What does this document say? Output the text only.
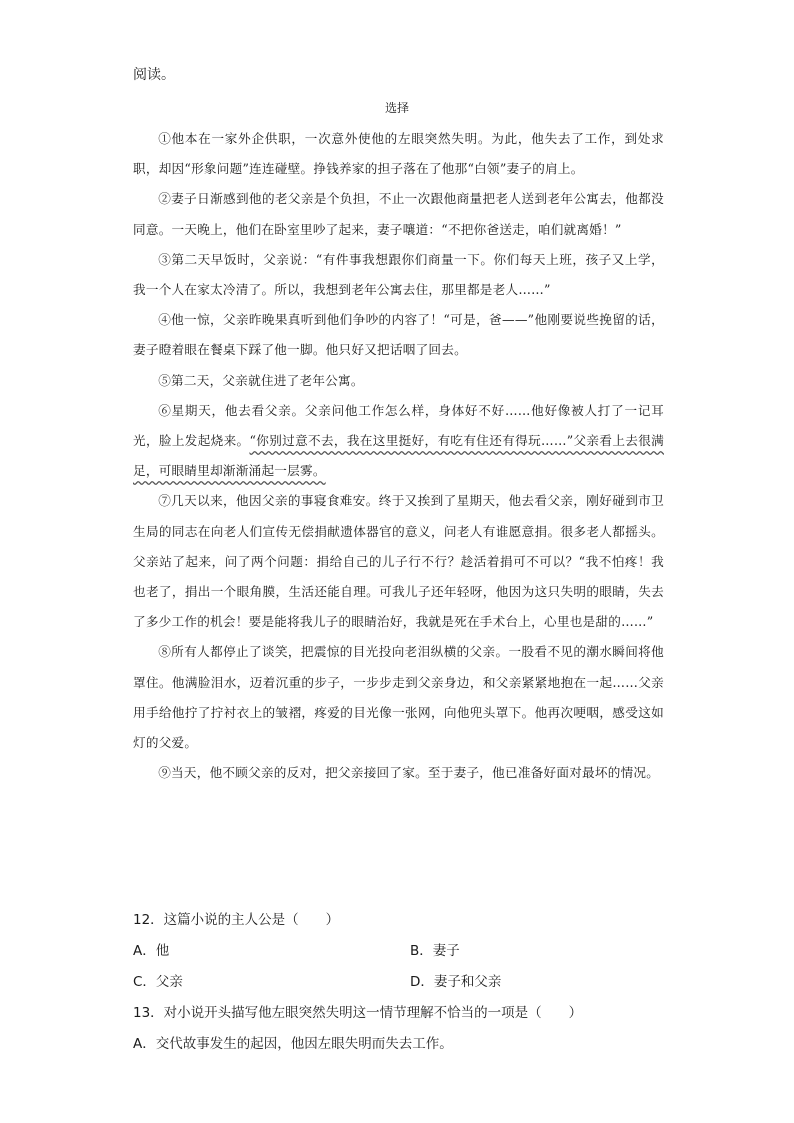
阅读。
选择

①他本在一家外企供职，一次意外使他的左眼突然失明。为此，他失去了工作，到处求职，却因“形象问题”连连碰壁。挣钱养家的担子落在了他那“白领”妻子的肩上。

②妻子日渐感到他的老父亲是个负担，不止一次跟他商量把老人送到老年公寓去，他都没同意。一天晚上，他们在卧室里吵了起来，妻子嚷道：“不把你爸送走，咱们就离婚！”

③第二天早饭时，父亲说：“有件事我想跟你们商量一下。你们每天上班，孩子又上学，我一个人在家太冷清了。所以，我想到老年公寓去住，那里都是老人……”

④他一惊，父亲昨晚果真听到他们争吵的内容了！“可是，爸——”他刚要说些挽留的话，妻子瞪着眼在餐桌下踩了他一脚。他只好又把话咽了回去。

⑤第二天，父亲就住进了老年公寓。

⑥星期天，他去看父亲。父亲问他工作怎么样，身体好不好……他好像被人打了一记耳光，脸上发起烧来。“你别过意不去，我在这里挺好，有吃有住还有得玩……”父亲看上去很满足，可眼睛里却渐渐涌起一层雾。

⑦几天以来，他因父亲的事寝食难安。终于又挨到了星期天，他去看父亲，刚好碰到市卫生局的同志在向老人们宣传无偿捐献遗体器官的意义，问老人有谁愿意捐。很多老人都摇头。父亲站了起来，问了两个问题：捐给自己的儿子行不行？趁活着捐可不可以？“我不怕疼！我也老了，捐出一个眼角膜，生活还能自理。可我儿子还年轻呀，他因为这只失明的眼睛，失去了多少工作的机会！要是能将我儿子的眼睛治好，我就是死在手术台上，心里也是甜的……”

⑧所有人都停止了谈笑，把震惊的目光投向老泪纵横的父亲。一股看不见的潮水瞬间将他罩住。他满脸泪水，迈着沉重的步子，一步步走到父亲身边，和父亲紧紧地抱在一起……父亲用手给他拧了拧衬衣上的皱褶，疼爱的目光像一张网，向他兜头罩下。他再次哽咽，感受这如灯的父爱。

⑨当天，他不顾父亲的反对，把父亲接回了家。至于妻子，他已准备好面对最坏的情况。

12．这篇小说的主人公是（　　）
A．他	B．妻子
C．父亲	D．妻子和父亲
13．对小说开头描写他左眼突然失明这一情节理解不恰当的一项是（　　）
A．交代故事发生的起因，他因左眼失明而失去工作。
